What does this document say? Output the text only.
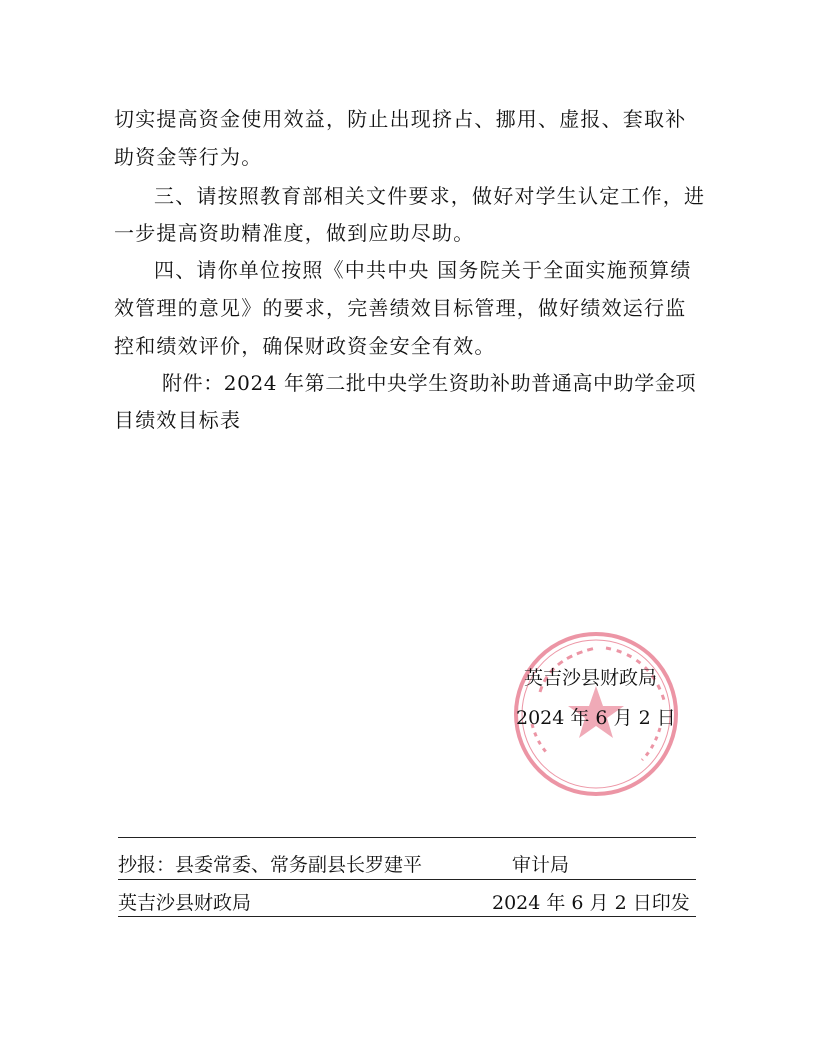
切实提高资金使用效益，防止出现挤占、挪用、虚报、套取补
助资金等行为。
三、请按照教育部相关文件要求，做好对学生认定工作，进
一步提高资助精准度，做到应助尽助。
四、请你单位按照《中共中央 国务院关于全面实施预算绩
效管理的意见》的要求，完善绩效目标管理，做好绩效运行监
控和绩效评价，确保财政资金安全有效。
附件：2024 年第二批中央学生资助补助普通高中助学金项
目绩效目标表
英吉沙县财政局
2024 年 6 月 2 日
抄报：县委常委、常务副县长罗建平	审计局
英吉沙县财政局	2024 年 6 月 2 日印发
